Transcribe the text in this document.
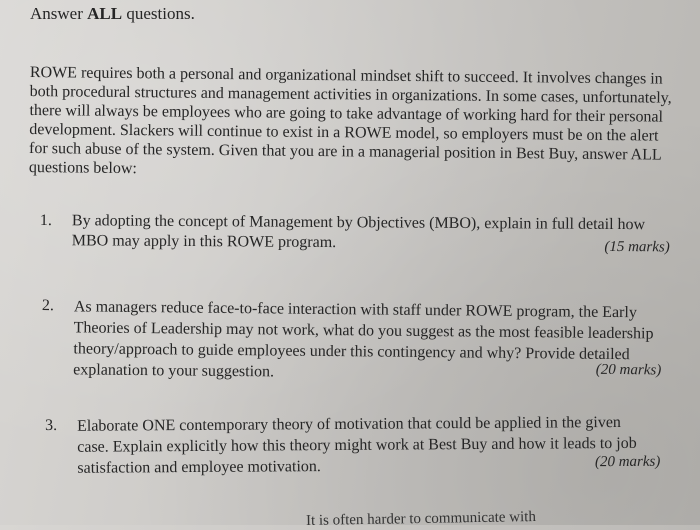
Answer ALL questions.
ROWE requires both a personal and organizational mindset shift to succeed. It involves changes in both procedural structures and management activities in organizations. In some cases, unfortunately, there will always be employees who are going to take advantage of working hard for their personal development. Slackers will continue to exist in a ROWE model, so employers must be on the alert for such abuse of the system. Given that you are in a managerial position in Best Buy, answer ALL questions below:
1. By adopting the concept of Management by Objectives (MBO), explain in full detail how MBO may apply in this ROWE program.	(15 marks)
2. As managers reduce face-to-face interaction with staff under ROWE program, the Early Theories of Leadership may not work, what do you suggest as the most feasible leadership theory/approach to guide employees under this contingency and why? Provide detailed explanation to your suggestion.	(20 marks)
3. Elaborate ONE contemporary theory of motivation that could be applied in the given case. Explain explicitly how this theory might work at Best Buy and how it leads to job satisfaction and employee motivation.	(20 marks)
It is often harder to communicate with
